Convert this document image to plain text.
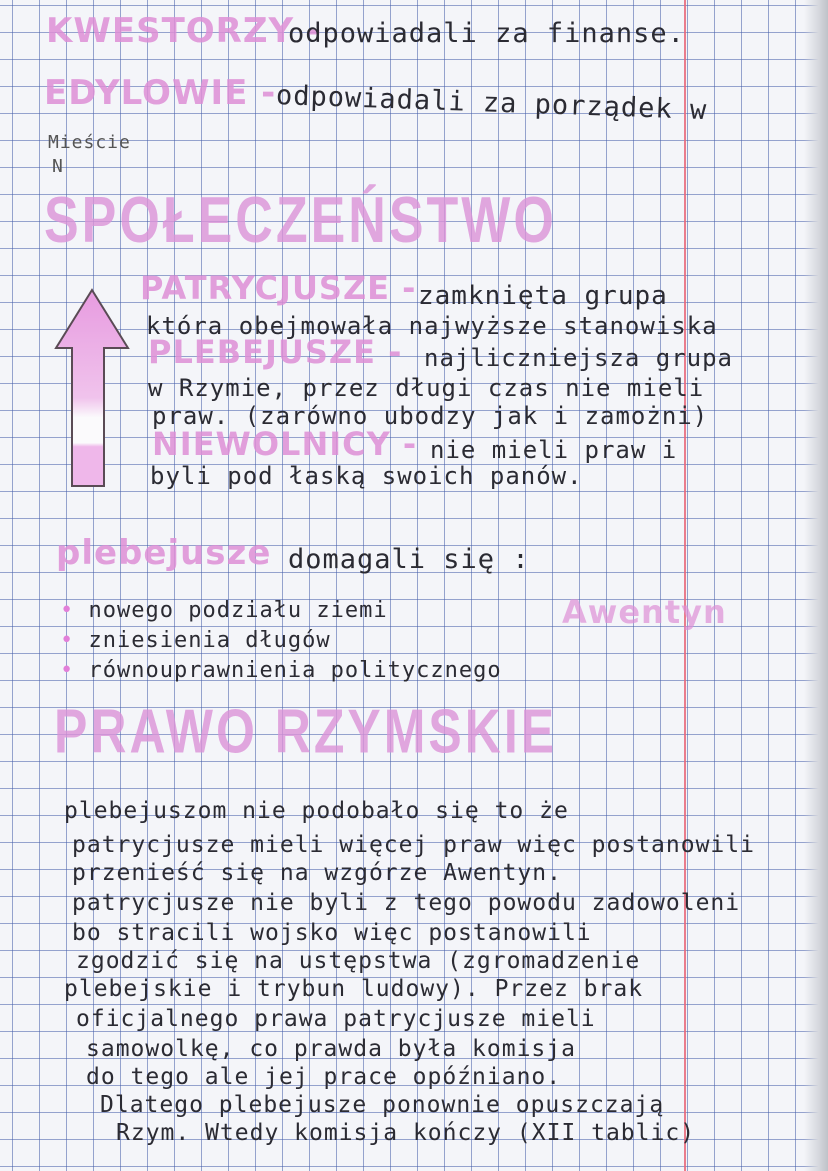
KWESTORZY -
odpowiadali za finanse.
EDYLOWIE - odpowiadali za porządek w
Mieście
N
SPOŁECZEŃSTWO
PATRYCJUSZE - zamknięta grupa
która obejmowała najwyższe stanowiska
PLEBEJUSZE - najliczniejsza grupa
w Rzymie, przez długi czas nie mieli
praw. (zarówno ubodzy jak i zamożni)
NIEWOLNICY - nie mieli praw i
byli pod łaską swoich panów.
plebejusze domagali się :
• nowego podziału ziemi
• zniesienia długów
• równouprawnienia politycznego
Awentyn
PRAWO RZYMSKIE
plebejuszom nie podobało się to że
patrycjusze mieli więcej praw więc postanowili
przenieść się na wzgórze Awentyn.
patrycjusze nie byli z tego powodu zadowoleni
bo stracili wojsko więc postanowili
zgodzić się na ustępstwa (zgromadzenie
plebejskie i trybun ludowy). Przez brak
oficjalnego prawa patrycjusze mieli
samowolkę, co prawda była komisja
do tego ale jej prace opóźniano.
Dlatego plebejusze ponownie opuszczają
Rzym. Wtedy komisja kończy (XII tablic)
